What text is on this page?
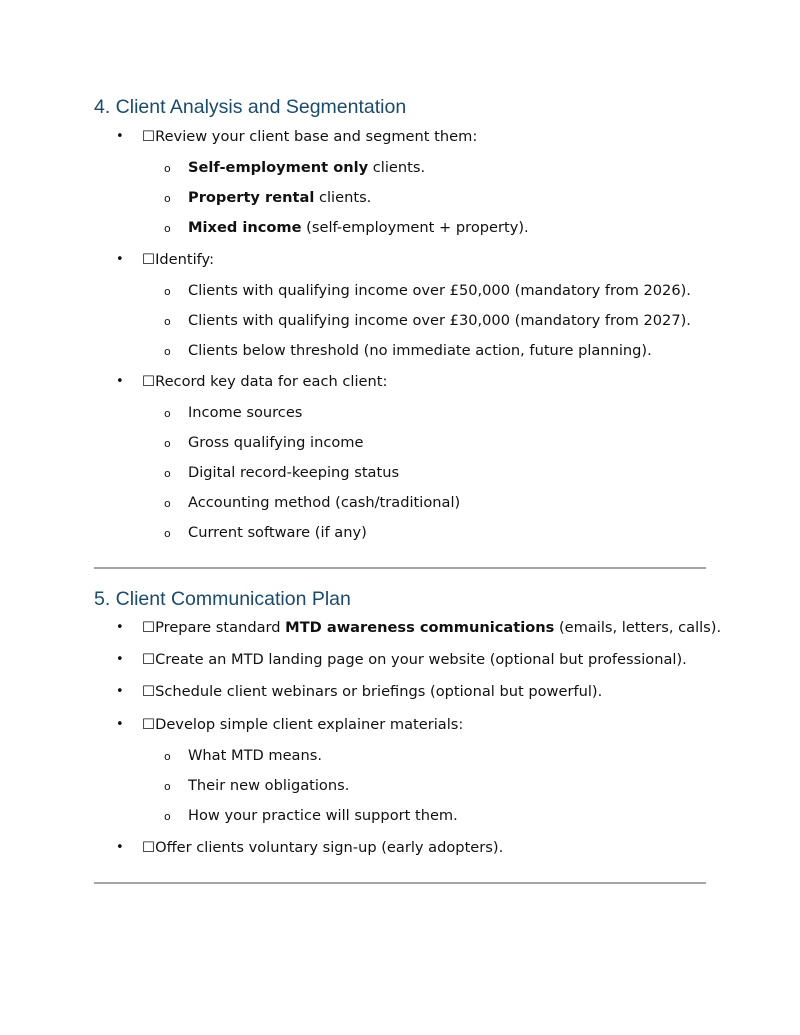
4. Client Analysis and Segmentation
• ☐Review your client base and segment them:
o Self-employment only clients.
o Property rental clients.
o Mixed income (self-employment + property).
• ☐Identify:
o Clients with qualifying income over £50,000 (mandatory from 2026).
o Clients with qualifying income over £30,000 (mandatory from 2027).
o Clients below threshold (no immediate action, future planning).
• ☐Record key data for each client:
o Income sources
o Gross qualifying income
o Digital record-keeping status
o Accounting method (cash/traditional)
o Current software (if any)
5. Client Communication Plan
• ☐Prepare standard MTD awareness communications (emails, letters, calls).
• ☐Create an MTD landing page on your website (optional but professional).
• ☐Schedule client webinars or briefings (optional but powerful).
• ☐Develop simple client explainer materials:
o What MTD means.
o Their new obligations.
o How your practice will support them.
• ☐Offer clients voluntary sign-up (early adopters).
